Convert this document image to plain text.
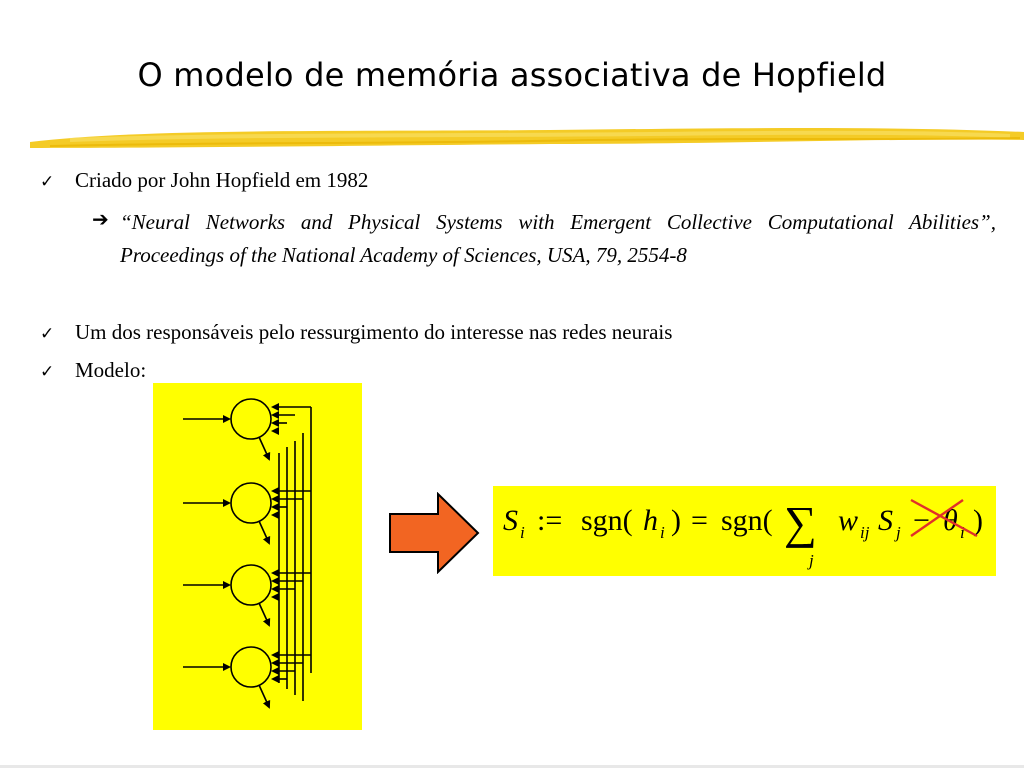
O modelo de memória associativa de Hopfield
✓ Criado por John Hopfield em 1982
➔ “Neural Networks and Physical Systems with Emergent Collective Computational Abilities”, Proceedings of the National Academy of Sciences, USA, 79, 2554-8
✓ Um dos responsáveis pelo ressurgimento do interesse nas redes neurais
✓ Modelo:
S i := sgn( h i ) = sgn( ∑
j
w ij S j − θ i )
